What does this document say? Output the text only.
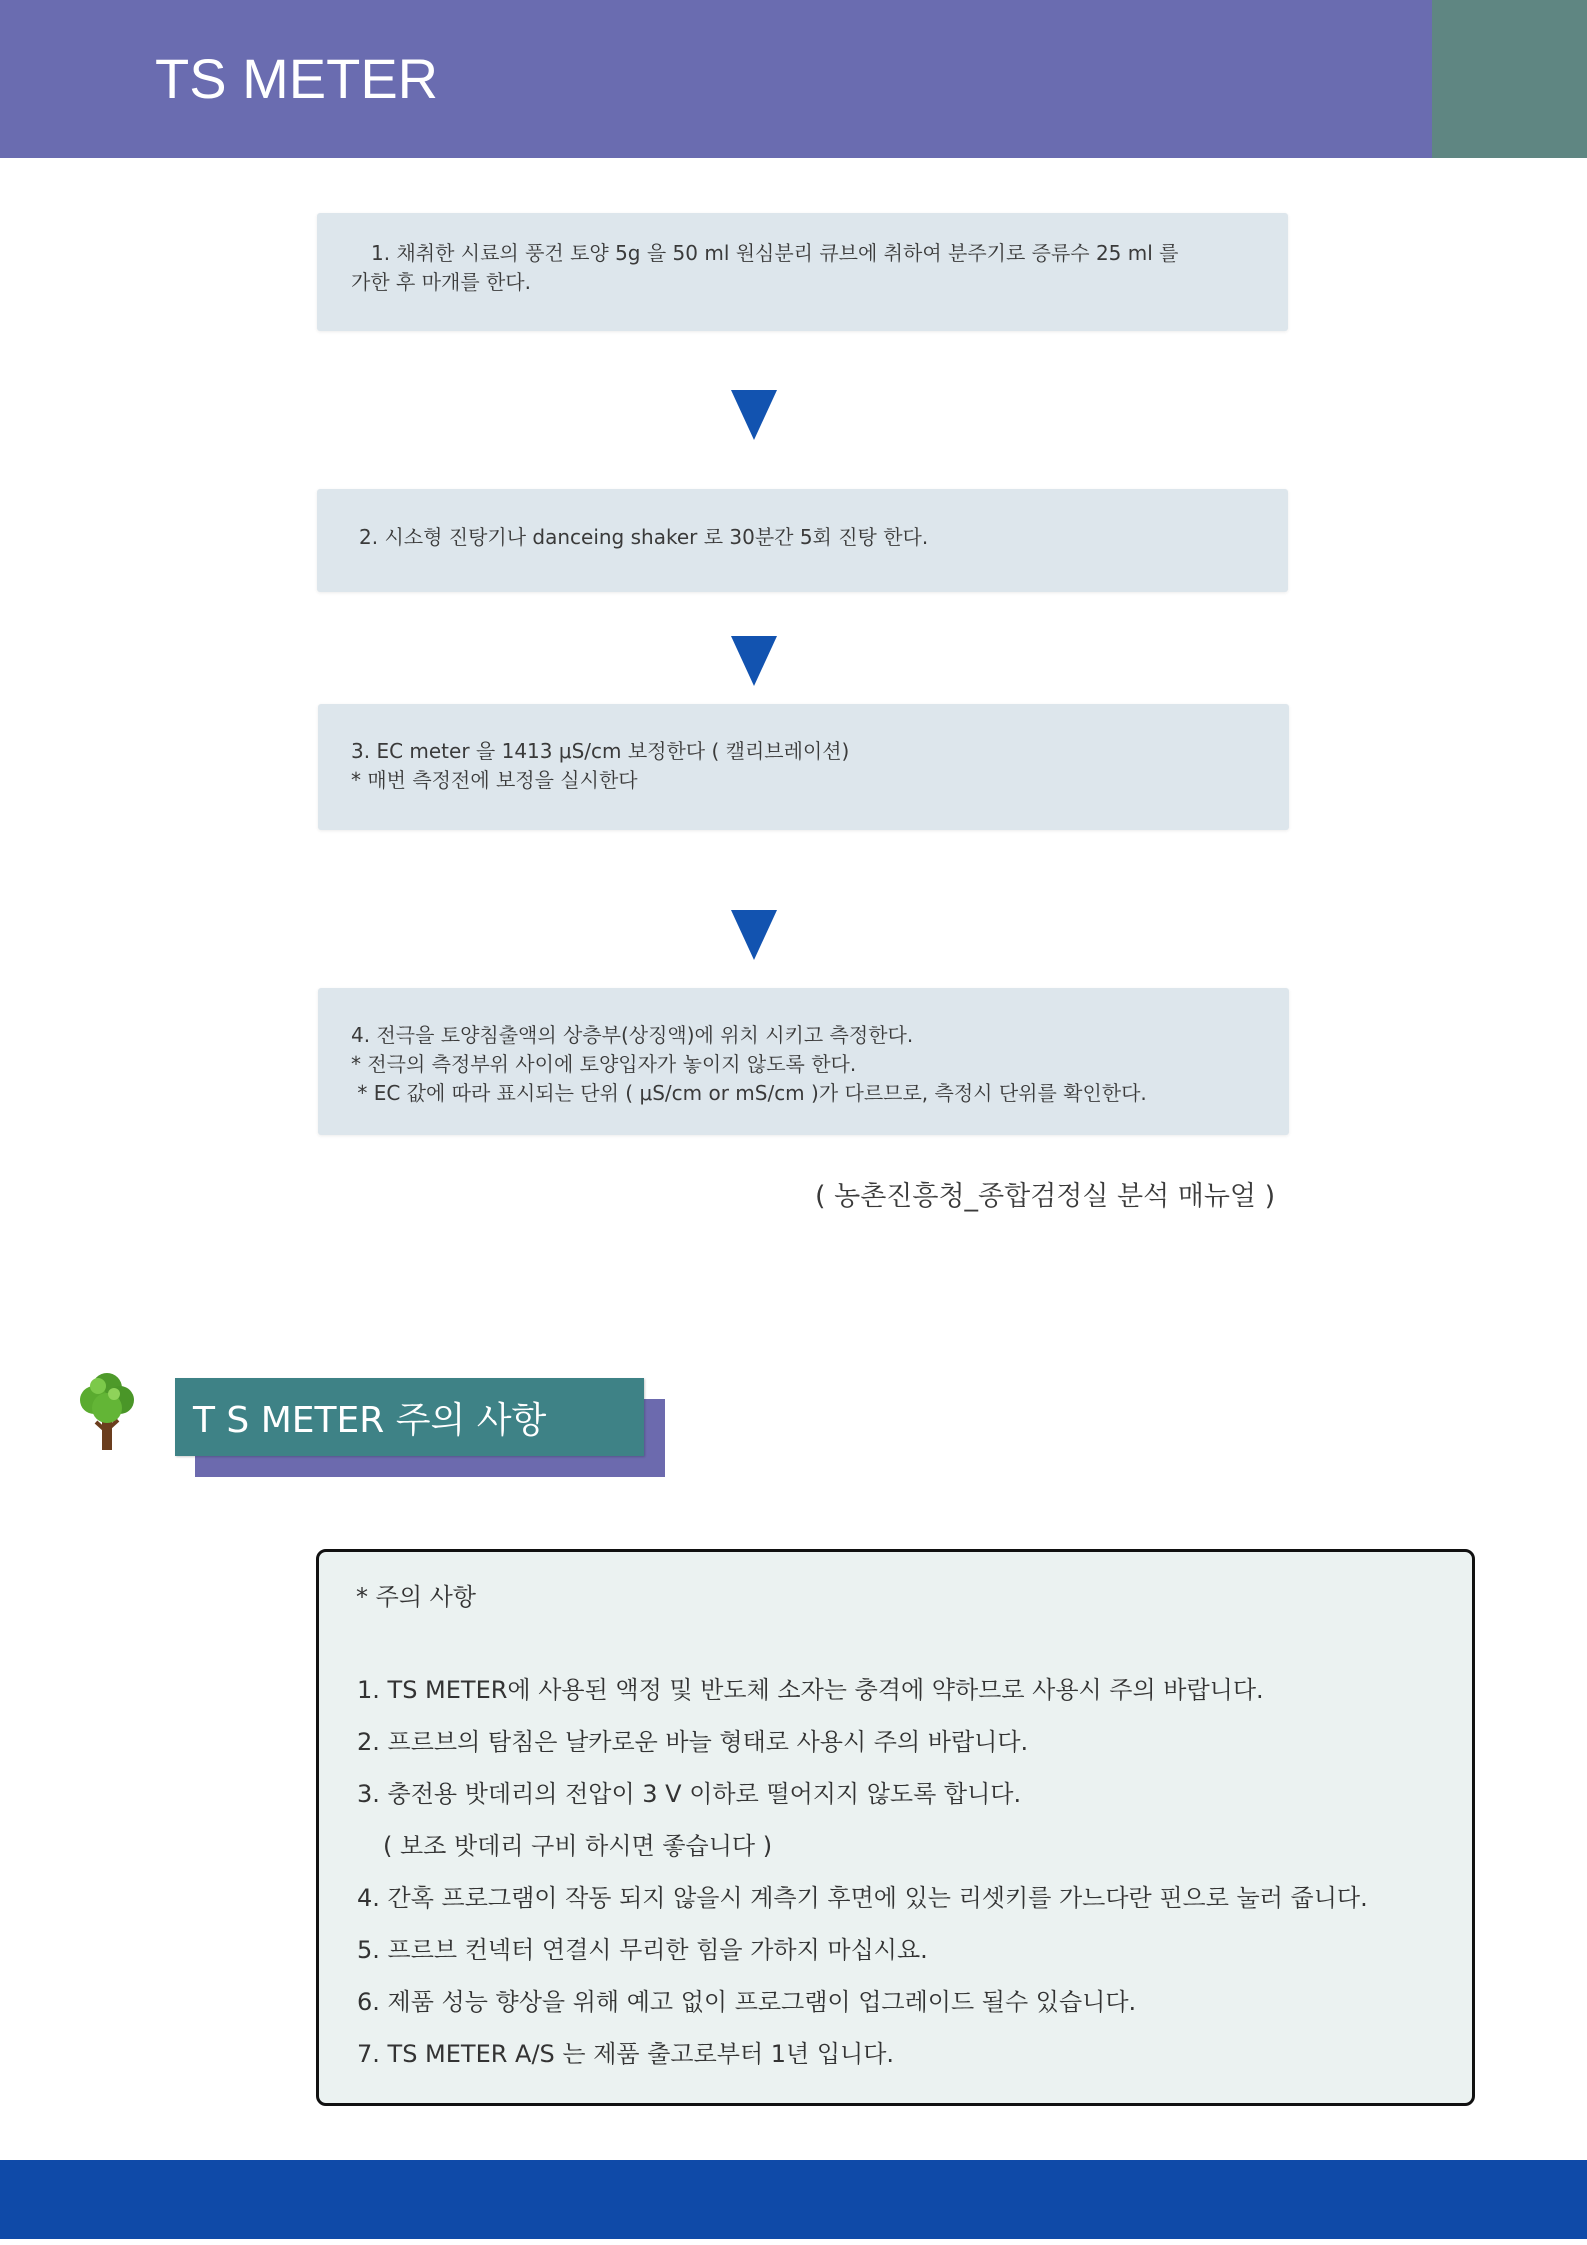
TS METER
1. 채취한 시료의 풍건 토양 5g 을 50 ml 원심분리 큐브에 취하여 분주기로 증류수 25 ml 를
가한 후 마개를 한다.
2. 시소형 진탕기나 danceing shaker 로 30분간 5회 진탕 한다.
3. EC meter 을 1413 μS/cm 보정한다 ( 캘리브레이션)
* 매번 측정전에 보정을 실시한다
4. 전극을 토양침출액의 상층부(상징액)에 위치 시키고 측정한다.
* 전극의 측정부위 사이에 토양입자가 놓이지 않도록 한다.
* EC 값에 따라 표시되는 단위 ( μS/cm or mS/cm )가 다르므로, 측정시 단위를 확인한다.
( 농촌진흥청_종합검정실 분석 매뉴얼 )
T S METER 주의 사항
* 주의 사항
1. TS METER에 사용된 액정 및 반도체 소자는 충격에 약하므로 사용시 주의 바랍니다.
2. 프르브의 탐침은 날카로운 바늘 형태로 사용시 주의 바랍니다.
3. 충전용 밧데리의 전압이 3 V 이하로 떨어지지 않도록 합니다.
( 보조 밧데리 구비 하시면 좋습니다 )
4. 간혹 프로그램이 작동 되지 않을시 계측기 후면에 있는 리셋키를 가느다란 핀으로 눌러 줍니다.
5. 프르브 컨넥터 연결시 무리한 힘을 가하지 마십시요.
6. 제품 성능 향상을 위해 예고 없이 프로그램이 업그레이드 될수 있습니다.
7. TS METER A/S 는 제품 출고로부터 1년 입니다.
